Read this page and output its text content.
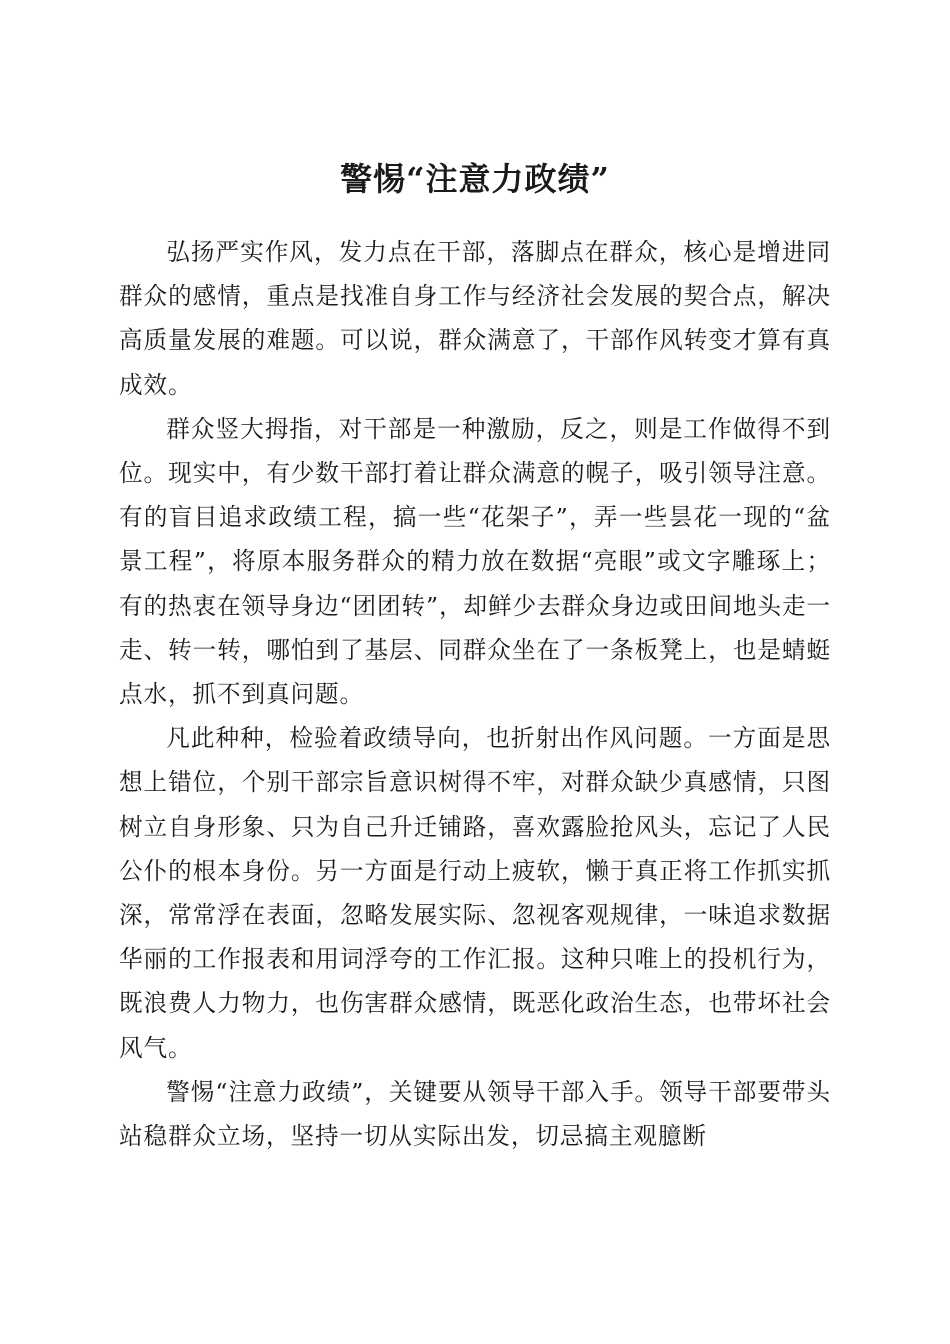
警惕“注意力政绩”

弘扬严实作风，发力点在干部，落脚点在群众，核心是增进同群众的感情，重点是找准自身工作与经济社会发展的契合点，解决高质量发展的难题。可以说，群众满意了，干部作风转变才算有真成效。

群众竖大拇指，对干部是一种激励，反之，则是工作做得不到位。现实中，有少数干部打着让群众满意的幌子，吸引领导注意。有的盲目追求政绩工程，搞一些“花架子”，弄一些昙花一现的“盆景工程”，将原本服务群众的精力放在数据“亮眼”或文字雕琢上；有的热衷在领导身边“团团转”，却鲜少去群众身边或田间地头走一走、转一转，哪怕到了基层、同群众坐在了一条板凳上，也是蜻蜓点水，抓不到真问题。

凡此种种，检验着政绩导向，也折射出作风问题。一方面是思想上错位，个别干部宗旨意识树得不牢，对群众缺少真感情，只图树立自身形象、只为自己升迁铺路，喜欢露脸抢风头，忘记了人民公仆的根本身份。另一方面是行动上疲软，懒于真正将工作抓实抓深，常常浮在表面，忽略发展实际、忽视客观规律，一味追求数据华丽的工作报表和用词浮夸的工作汇报。这种只唯上的投机行为，既浪费人力物力，也伤害群众感情，既恶化政治生态，也带坏社会风气。

警惕“注意力政绩”，关键要从领导干部入手。领导干部要带头站稳群众立场，坚持一切从实际出发，切忌搞主观臆断
